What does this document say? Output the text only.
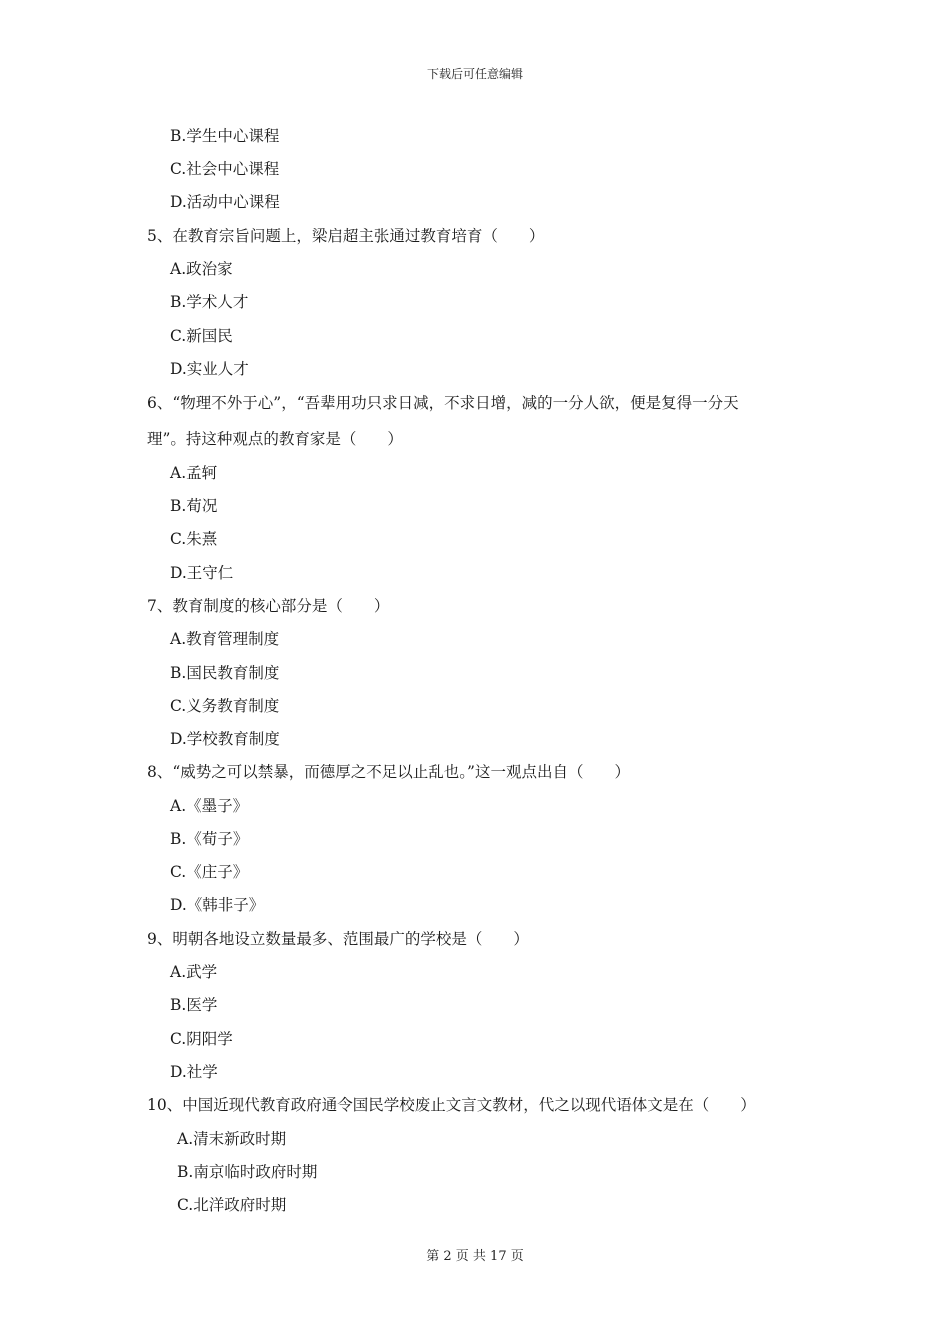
下载后可任意编辑
B.学生中心课程
C.社会中心课程
D.活动中心课程
5、在教育宗旨问题上，梁启超主张通过教育培育（　　）
A.政治家
B.学术人才
C.新国民
D.实业人才
6、“物理不外于心”，“吾辈用功只求日减，不求日增，减的一分人欲，便是复得一分天
理”。持这种观点的教育家是（　　）
A.孟轲
B.荀况
C.朱熹
D.王守仁
7、教育制度的核心部分是（　　）
A.教育管理制度
B.国民教育制度
C.义务教育制度
D.学校教育制度
8、“威势之可以禁暴，而德厚之不足以止乱也。”这一观点出自（　　）
A.《墨子》
B.《荀子》
C.《庄子》
D.《韩非子》
9、明朝各地设立数量最多、范围最广的学校是（　　）
A.武学
B.医学
C.阴阳学
D.社学
10、中国近现代教育政府通令国民学校废止文言文教材，代之以现代语体文是在（　　）
A.清末新政时期
B.南京临时政府时期
C.北洋政府时期
第 2 页 共 17 页
